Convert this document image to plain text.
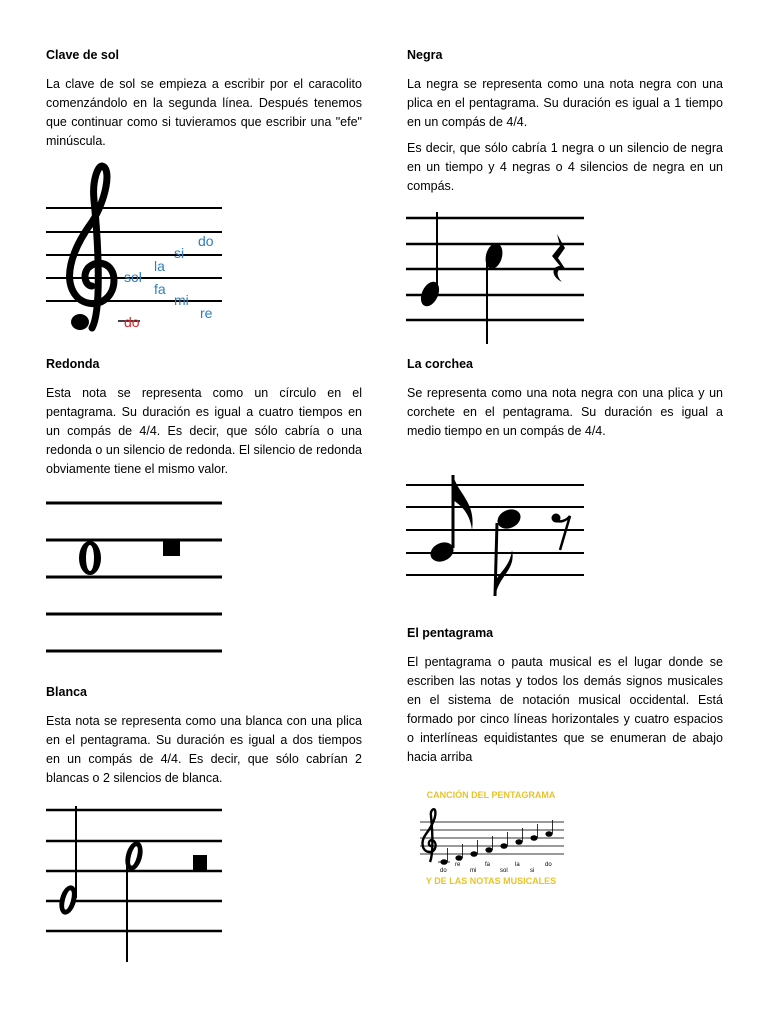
Clave de sol

La clave de sol se empieza a escribir por el caracolito comenzándolo en la segunda línea. Después tenemos que continuar como si tuvieramos que escribir una "efe" minúscula.

do
re
mi
fa
sol
la
si
do

Redonda

Esta nota se representa como un círculo en el pentagrama. Su duración es igual a cuatro tiempos en un compás de 4/4. Es decir, que sólo cabría o una redonda o un silencio de redonda. El silencio de redonda obviamente tiene el mismo valor.

Blanca

Esta nota se representa como una blanca con una plica en el pentagrama. Su duración es igual a dos tiempos en un compás de 4/4. Es decir, que sólo cabrían 2 blancas o 2 silencios de blanca.

Negra

La negra se representa como una nota negra con una plica en el pentagrama. Su duración es igual a 1 tiempo en un compás de 4/4.

Es decir, que sólo cabría 1 negra o un silencio de negra en un tiempo y 4 negras o 4 silencios de negra en un compás.

La corchea

Se representa como una nota negra con una plica y un corchete en el pentagrama. Su duración es igual a medio tiempo en un compás de 4/4.

El pentagrama

El pentagrama o pauta musical es el lugar donde se escriben las notas y todos los demás signos musicales en el sistema de notación musical occidental. Está formado por cinco líneas horizontales y cuatro espacios o interlíneas equidistantes que se enumeran de abajo hacia arriba

CANCIÓN DEL PENTAGRAMA
do
re
mi
fa
sol
la
si
do
Y DE LAS NOTAS MUSICALES
